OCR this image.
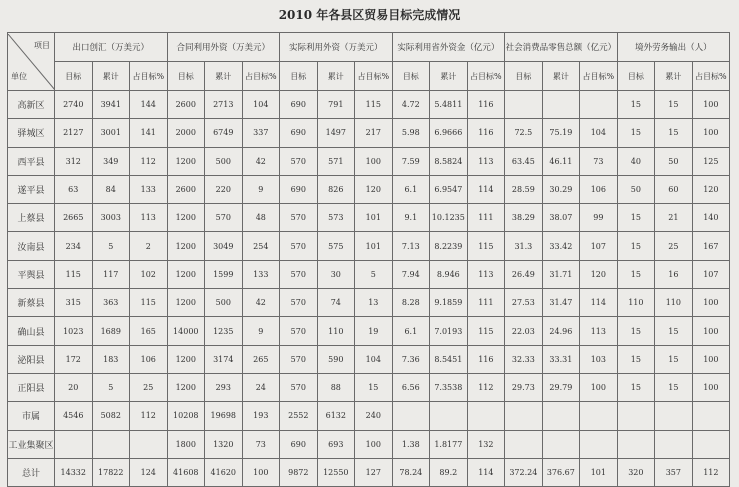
2010 年各县区贸易目标完成情况
项目
单位	出口创汇（万美元）			合同利用外资（万美元）			实际利用外资（万美元）			实际利用省外资金（亿元）			社会消费品零售总额（亿元）			境外劳务输出（人）		
	目标	累计	占目标%	目标	累计	占目标%	目标	累计	占目标%	目标	累计	占目标%	目标	累计	占目标%	目标	累计	占目标%
高新区	2740	3941	144	2600	2713	104	690	791	115	4.72	5.4811	116				15	15	100
驿城区	2127	3001	141	2000	6749	337	690	1497	217	5.98	6.9666	116	72.5	75.19	104	15	15	100
西平县	312	349	112	1200	500	42	570	571	100	7.59	8.5824	113	63.45	46.11	73	40	50	125
遂平县	63	84	133	2600	220	9	690	826	120	6.1	6.9547	114	28.59	30.29	106	50	60	120
上蔡县	2665	3003	113	1200	570	48	570	573	101	9.1	10.1235	111	38.29	38.07	99	15	21	140
汝南县	234	5	2	1200	3049	254	570	575	101	7.13	8.2239	115	31.3	33.42	107	15	25	167
平舆县	115	117	102	1200	1599	133	570	30	5	7.94	8.946	113	26.49	31.71	120	15	16	107
新蔡县	315	363	115	1200	500	42	570	74	13	8.28	9.1859	111	27.53	31.47	114	110	110	100
确山县	1023	1689	165	14000	1235	9	570	110	19	6.1	7.0193	115	22.03	24.96	113	15	15	100
泌阳县	172	183	106	1200	3174	265	570	590	104	7.36	8.5451	116	32.33	33.31	103	15	15	100
正阳县	20	5	25	1200	293	24	570	88	15	6.56	7.3538	112	29.73	29.79	100	15	15	100
市属	4546	5082	112	10208	19698	193	2552	6132	240									
工业集聚区				1800	1320	73	690	693	100	1.38	1.8177	132						
总计	14332	17822	124	41608	41620	100	9872	12550	127	78.24	89.2	114	372.24	376.67	101	320	357	112
